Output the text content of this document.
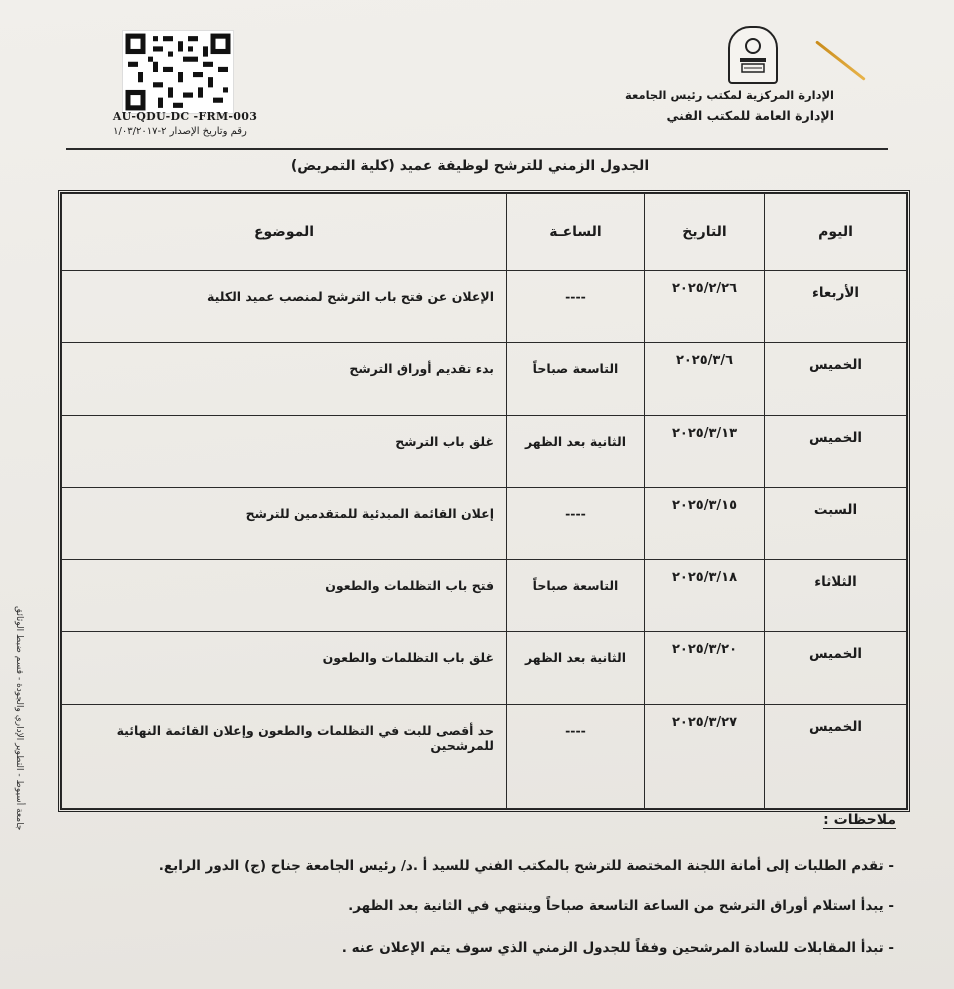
AU-QDU-DC -FRM-003
رقم وتاريخ الإصدار ٢-١/٠٣/٢٠١٧
الإدارة المركزية لمكتب رئيس الجامعة
الإدارة العامة للمكتب الفني
الجدول الزمني للترشح لوظيفة عميد (كلية التمريض)
اليوم	التاريخ	الساعـة	الموضوع
الأربعاء	٢٠٢٥/٢/٢٦	----	الإعلان عن فتح باب الترشح لمنصب عميد الكلية
الخميس	٢٠٢٥/٣/٦	التاسعة صباحاً	بدء تقديم أوراق الترشح
الخميس	٢٠٢٥/٣/١٣	الثانية بعد الظهر	غلق باب الترشح
السبت	٢٠٢٥/٣/١٥	----	إعلان القائمة المبدئية للمتقدمين للترشح
الثلاثاء	٢٠٢٥/٣/١٨	التاسعة صباحاً	فتح باب التظلمات والطعون
الخميس	٢٠٢٥/٣/٢٠	الثانية بعد الظهر	غلق باب التظلمات والطعون
الخميس	٢٠٢٥/٣/٢٧	----	حد أقصى للبت في التظلمات والطعون وإعلان القائمة النهائية للمرشحين
ملاحظات :
- تقدم الطلبات إلى أمانة اللجنة المختصة للترشح بالمكتب الفني للسيد أ .د/ رئيس الجامعة جناح (ج) الدور الرابع.
- يبدأ استلام أوراق الترشح من الساعة التاسعة صباحاً وينتهي في الثانية بعد الظهر.
- تبدأ المقابلات للسادة المرشحين وفقاً للجدول الزمني الذي سوف يتم الإعلان عنه .
جامعة أسيوط - التطوير الإداري والجودة - قسم ضبط الوثائق
